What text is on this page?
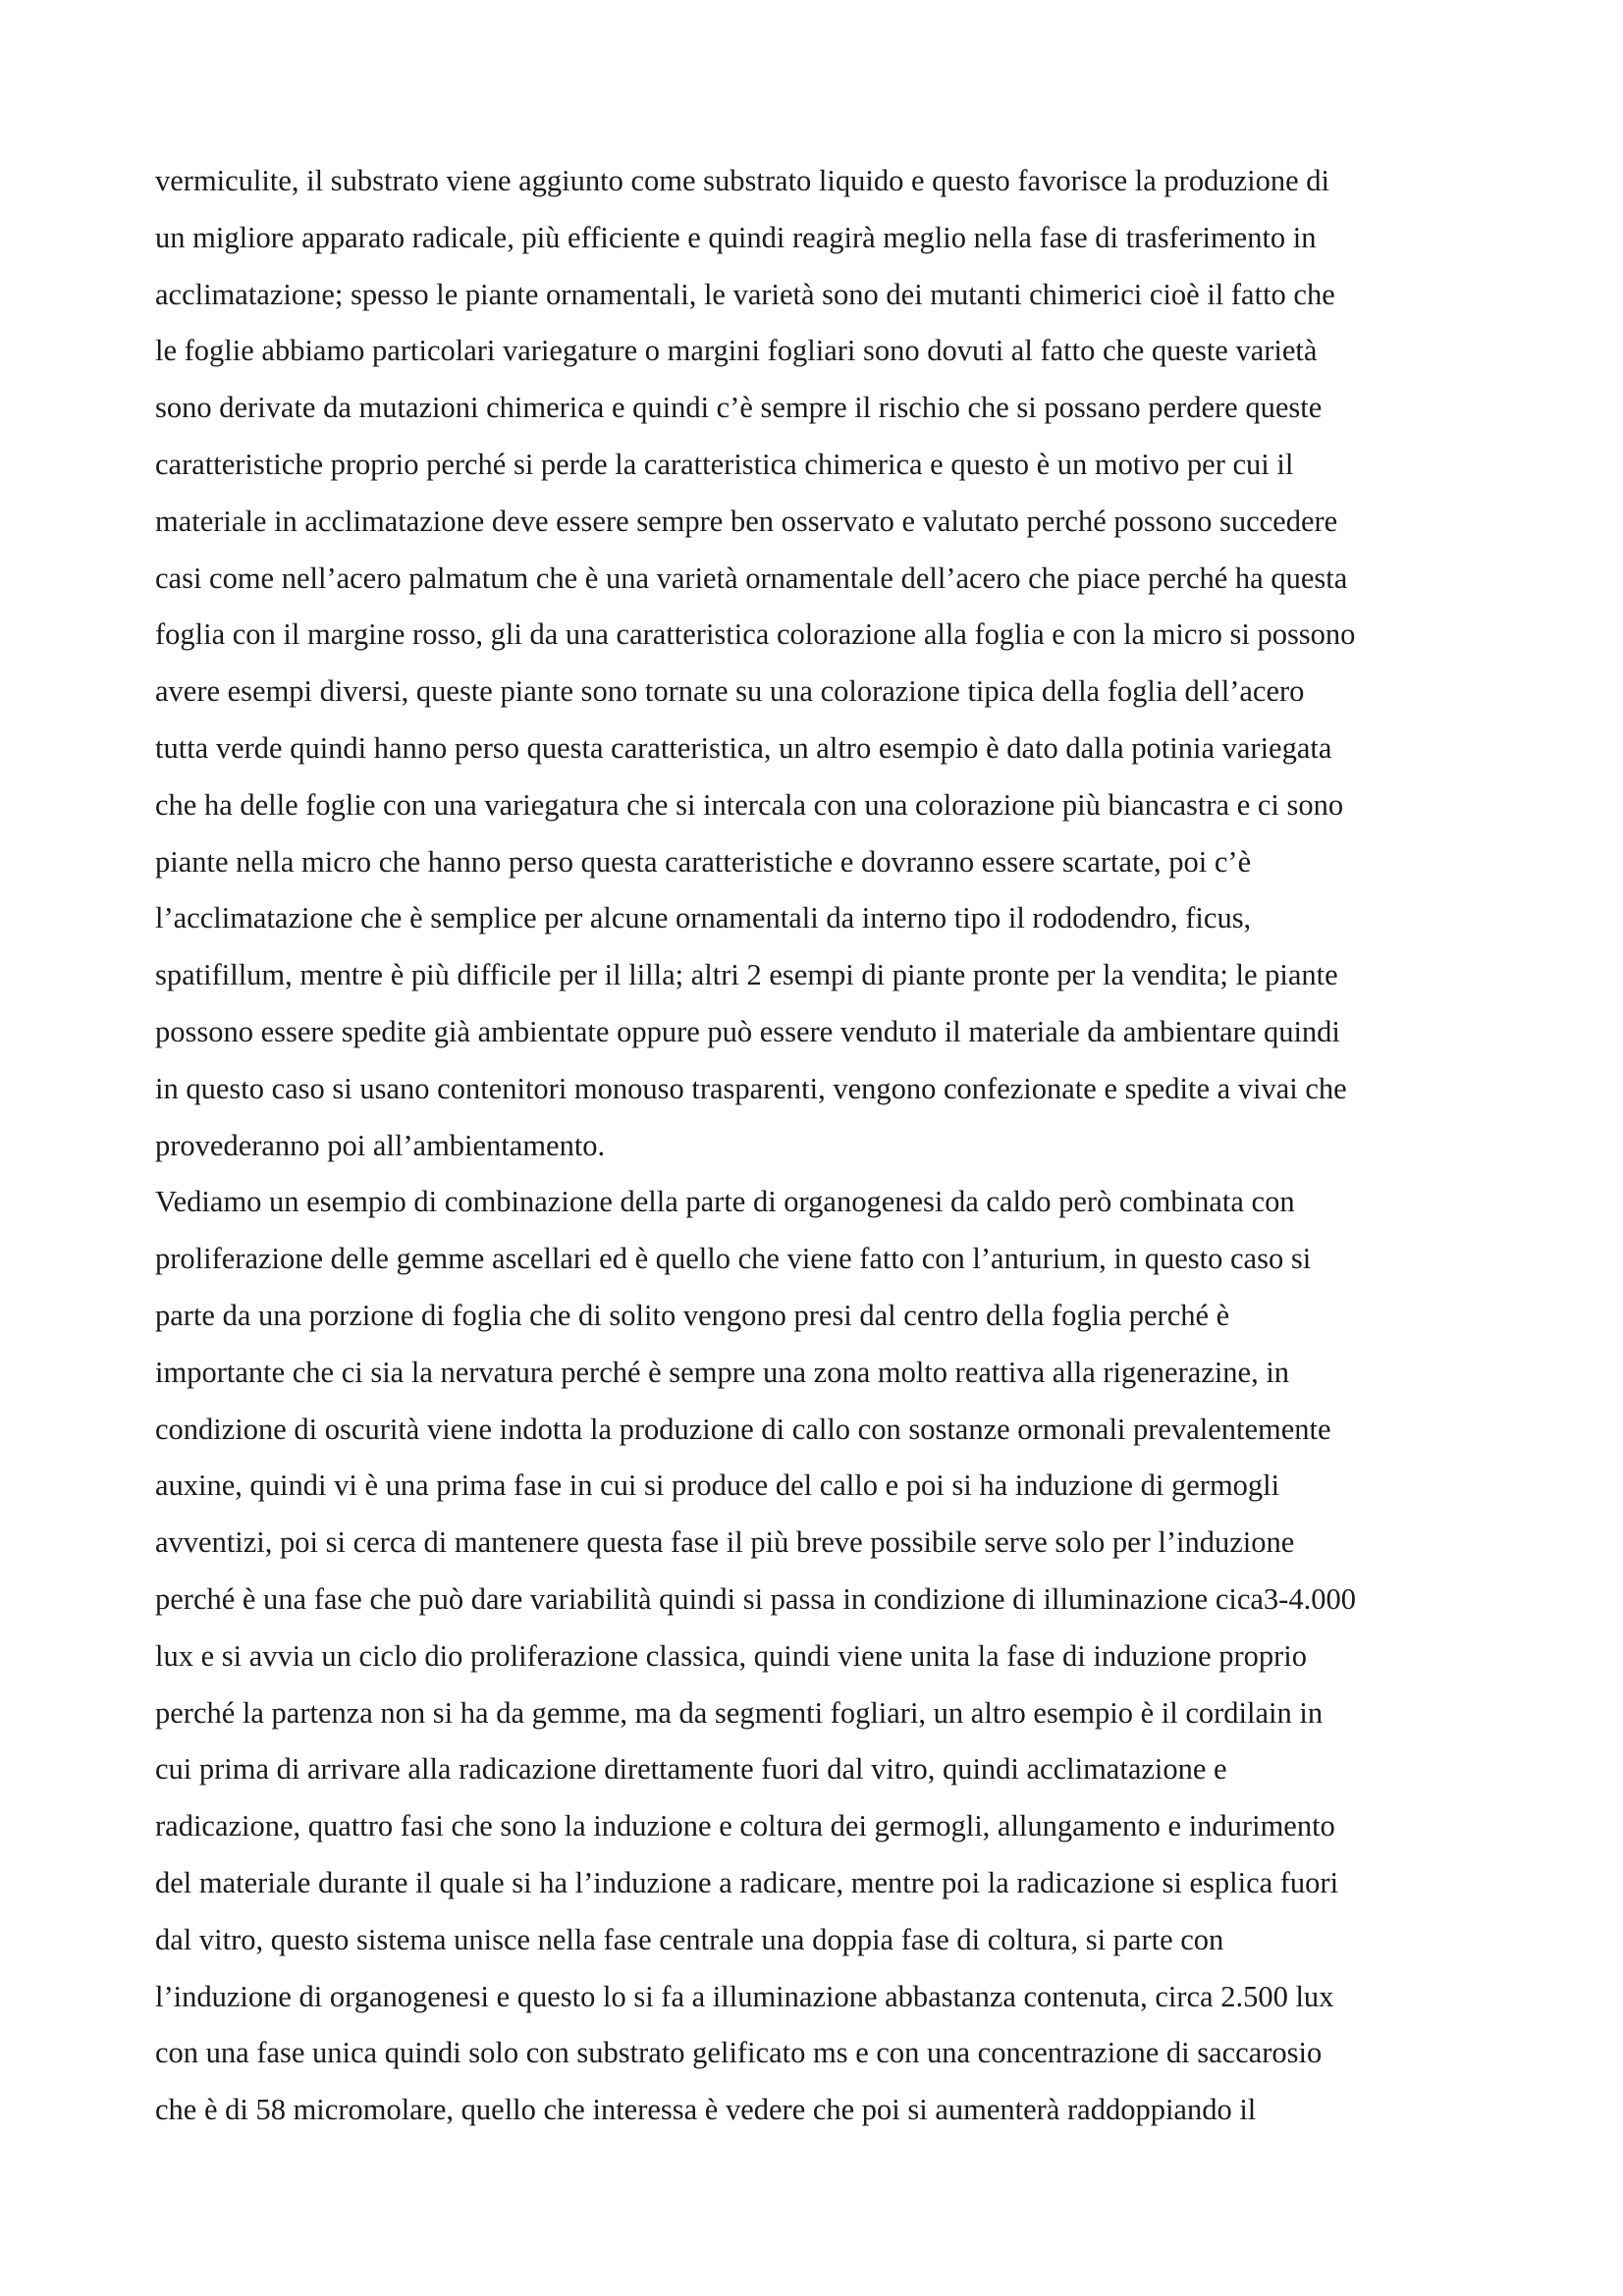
vermiculite, il substrato viene aggiunto come substrato liquido e questo favorisce la produzione di
un migliore apparato radicale, più efficiente e quindi reagirà meglio nella fase di trasferimento in
acclimatazione; spesso le piante ornamentali, le varietà sono dei mutanti chimerici cioè il fatto che
le foglie abbiamo particolari variegature o margini fogliari sono dovuti al fatto che queste varietà
sono derivate da mutazioni chimerica e quindi c’è sempre il rischio che si possano perdere queste
caratteristiche proprio perché si perde la caratteristica chimerica e questo è un motivo per cui il
materiale in acclimatazione deve essere sempre ben osservato e valutato perché possono succedere
casi come nell’acero palmatum che è una varietà ornamentale dell’acero che piace perché ha questa
foglia con il margine rosso, gli da una caratteristica colorazione alla foglia e con la micro si possono
avere esempi diversi, queste piante sono tornate su una colorazione tipica della foglia dell’acero
tutta verde quindi hanno perso questa caratteristica, un altro esempio è dato dalla potinia variegata
che ha delle foglie con una variegatura che si intercala con una colorazione più biancastra e ci sono
piante nella micro che hanno perso questa caratteristiche e dovranno essere scartate, poi c’è
l’acclimatazione che è semplice per alcune ornamentali da interno tipo il rododendro, ficus,
spatifillum, mentre è più difficile per il lilla; altri 2 esempi di piante pronte per la vendita; le piante
possono essere spedite già ambientate oppure può essere venduto il materiale da ambientare quindi
in questo caso si usano contenitori monouso trasparenti, vengono confezionate e spedite a vivai che
provederanno poi all’ambientamento.
Vediamo un esempio di combinazione della parte di organogenesi da caldo però combinata con
proliferazione delle gemme ascellari ed è quello che viene fatto con l’anturium, in questo caso si
parte da una porzione di foglia che di solito vengono presi dal centro della foglia perché è
importante che ci sia la nervatura perché è sempre una zona molto reattiva alla rigenerazine, in
condizione di oscurità viene indotta la produzione di callo con sostanze ormonali prevalentemente
auxine, quindi vi è una prima fase in cui si produce del callo e poi si ha induzione di germogli
avventizi, poi si cerca di mantenere questa fase il più breve possibile serve solo per l’induzione
perché è una fase che può dare variabilità quindi si passa in condizione di illuminazione cica3-4.000
lux e si avvia un ciclo dio proliferazione classica, quindi viene unita la fase di induzione proprio
perché la partenza non si ha da gemme, ma da segmenti fogliari, un altro esempio è il cordilain in
cui prima di arrivare alla radicazione direttamente fuori dal vitro, quindi acclimatazione e
radicazione, quattro fasi che sono la induzione e coltura dei germogli, allungamento e indurimento
del materiale durante il quale si ha l’induzione a radicare, mentre poi la radicazione si esplica fuori
dal vitro, questo sistema unisce nella fase centrale una doppia fase di coltura, si parte con
l’induzione di organogenesi e questo lo si fa a illuminazione abbastanza contenuta, circa 2.500 lux
con una fase unica quindi solo con substrato gelificato ms e con una concentrazione di saccarosio
che è di 58 micromolare, quello che interessa è vedere che poi si aumenterà raddoppiando il
